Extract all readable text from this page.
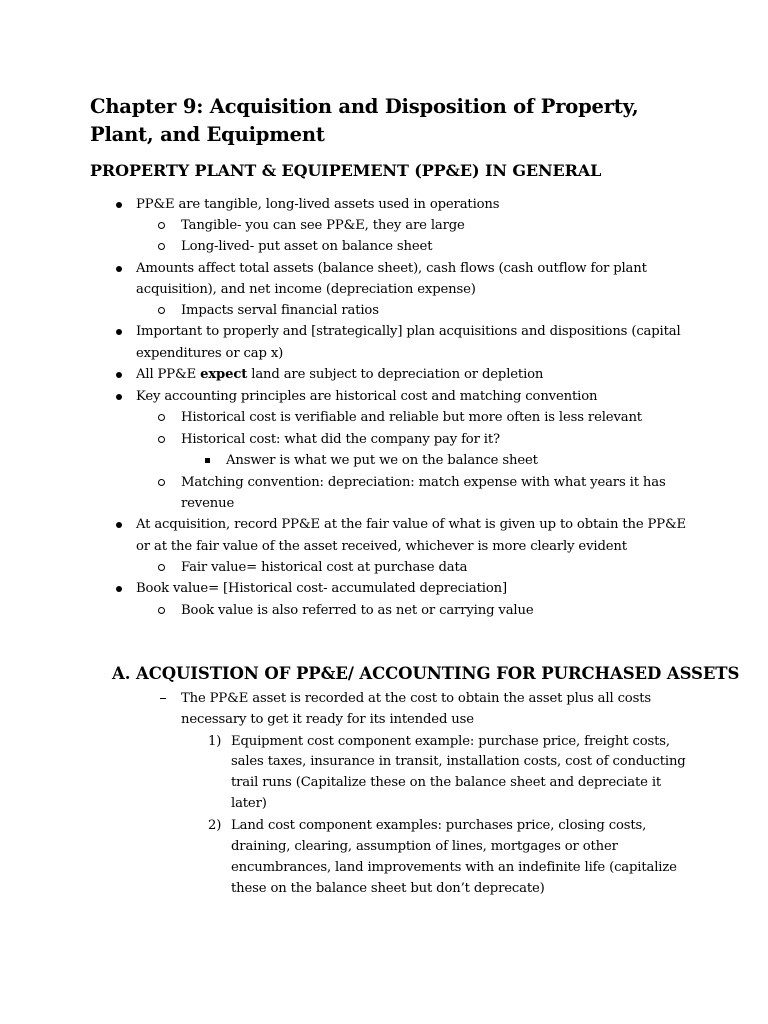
Chapter 9: Acquisition and Disposition of Property, Plant, and Equipment
PROPERTY PLANT & EQUIPEMENT (PP&E) IN GENERAL
PP&E are tangible, long-lived assets used in operations
Tangible- you can see PP&E, they are large
Long-lived- put asset on balance sheet
Amounts affect total assets (balance sheet), cash flows (cash outflow for plant
acquisition), and net income (depreciation expense)
Impacts serval financial ratios
Important to properly and [strategically] plan acquisitions and dispositions (capital
expenditures or cap x)
All PP&E expect land are subject to depreciation or depletion
Key accounting principles are historical cost and matching convention
Historical cost is verifiable and reliable but more often is less relevant
Historical cost: what did the company pay for it?
Answer is what we put we on the balance sheet
Matching convention: depreciation: match expense with what years it has
revenue
At acquisition, record PP&E at the fair value of what is given up to obtain the PP&E
or at the fair value of the asset received, whichever is more clearly evident
Fair value= historical cost at purchase data
Book value= [Historical cost- accumulated depreciation]
Book value is also referred to as net or carrying value
A. ACQUISTION OF PP&E/ ACCOUNTING FOR PURCHASED ASSETS
The PP&E asset is recorded at the cost to obtain the asset plus all costs
necessary to get it ready for its intended use
1) Equipment cost component example: purchase price, freight costs,
sales taxes, insurance in transit, installation costs, cost of conducting
trail runs (Capitalize these on the balance sheet and depreciate it
later)
2) Land cost component examples: purchases price, closing costs,
draining, clearing, assumption of lines, mortgages or other
encumbrances, land improvements with an indefinite life (capitalize
these on the balance sheet but don’t deprecate)
